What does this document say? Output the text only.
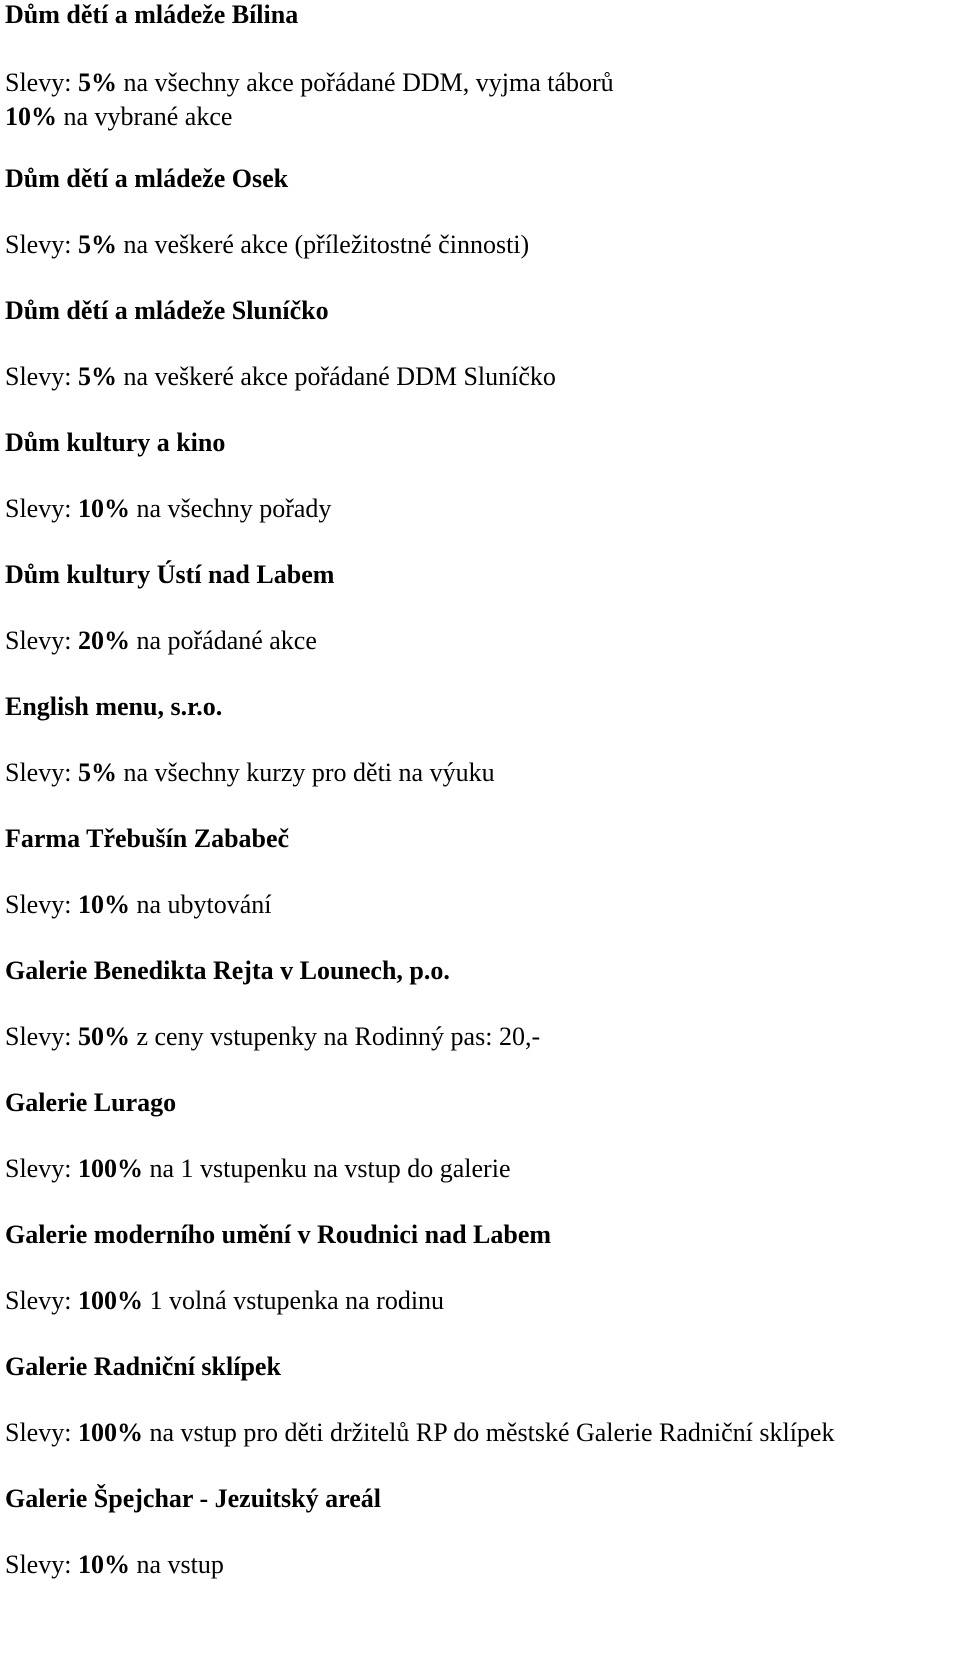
Dům dětí a mládeže Bílina
Slevy: 5% na všechny akce pořádané DDM, vyjma táborů
10% na vybrané akce
Dům dětí a mládeže Osek
Slevy: 5% na veškeré akce (příležitostné činnosti)
Dům dětí a mládeže Sluníčko
Slevy: 5% na veškeré akce pořádané DDM Sluníčko
Dům kultury a kino
Slevy: 10% na všechny pořady
Dům kultury Ústí nad Labem
Slevy: 20% na pořádané akce
English menu, s.r.o.
Slevy: 5% na všechny kurzy pro děti na výuku
Farma Třebušín Zababeč
Slevy: 10% na ubytování
Galerie Benedikta Rejta v Lounech, p.o.
Slevy: 50% z ceny vstupenky na Rodinný pas: 20,-
Galerie Lurago
Slevy: 100% na 1 vstupenku na vstup do galerie
Galerie moderního umění v Roudnici nad Labem
Slevy: 100% 1 volná vstupenka na rodinu
Galerie Radniční sklípek
Slevy: 100% na vstup pro děti držitelů RP do městské Galerie Radniční sklípek
Galerie Špejchar - Jezuitský areál
Slevy: 10% na vstup
